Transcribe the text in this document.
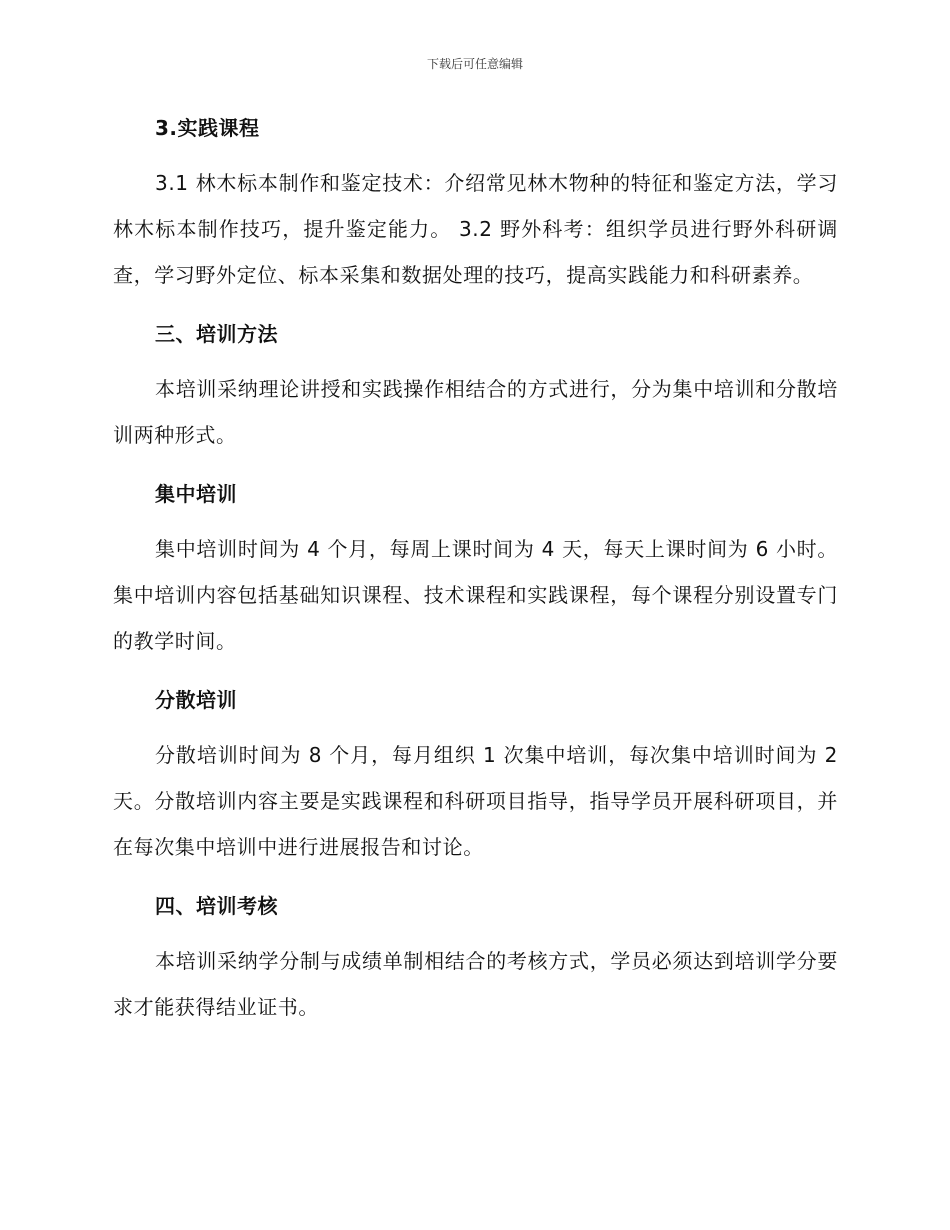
下载后可任意编辑

3.实践课程

3.1 林木标本制作和鉴定技术：介绍常见林木物种的特征和鉴定方法，学习林木标本制作技巧，提升鉴定能力。 3.2 野外科考：组织学员进行野外科研调查，学习野外定位、标本采集和数据处理的技巧，提高实践能力和科研素养。

三、培训方法

本培训采纳理论讲授和实践操作相结合的方式进行，分为集中培训和分散培训两种形式。

集中培训

集中培训时间为 4 个月，每周上课时间为 4 天，每天上课时间为 6 小时。集中培训内容包括基础知识课程、技术课程和实践课程，每个课程分别设置专门的教学时间。

分散培训

分散培训时间为 8 个月，每月组织 1 次集中培训，每次集中培训时间为 2 天。分散培训内容主要是实践课程和科研项目指导，指导学员开展科研项目，并在每次集中培训中进行进展报告和讨论。

四、培训考核

本培训采纳学分制与成绩单制相结合的考核方式，学员必须达到培训学分要求才能获得结业证书。
